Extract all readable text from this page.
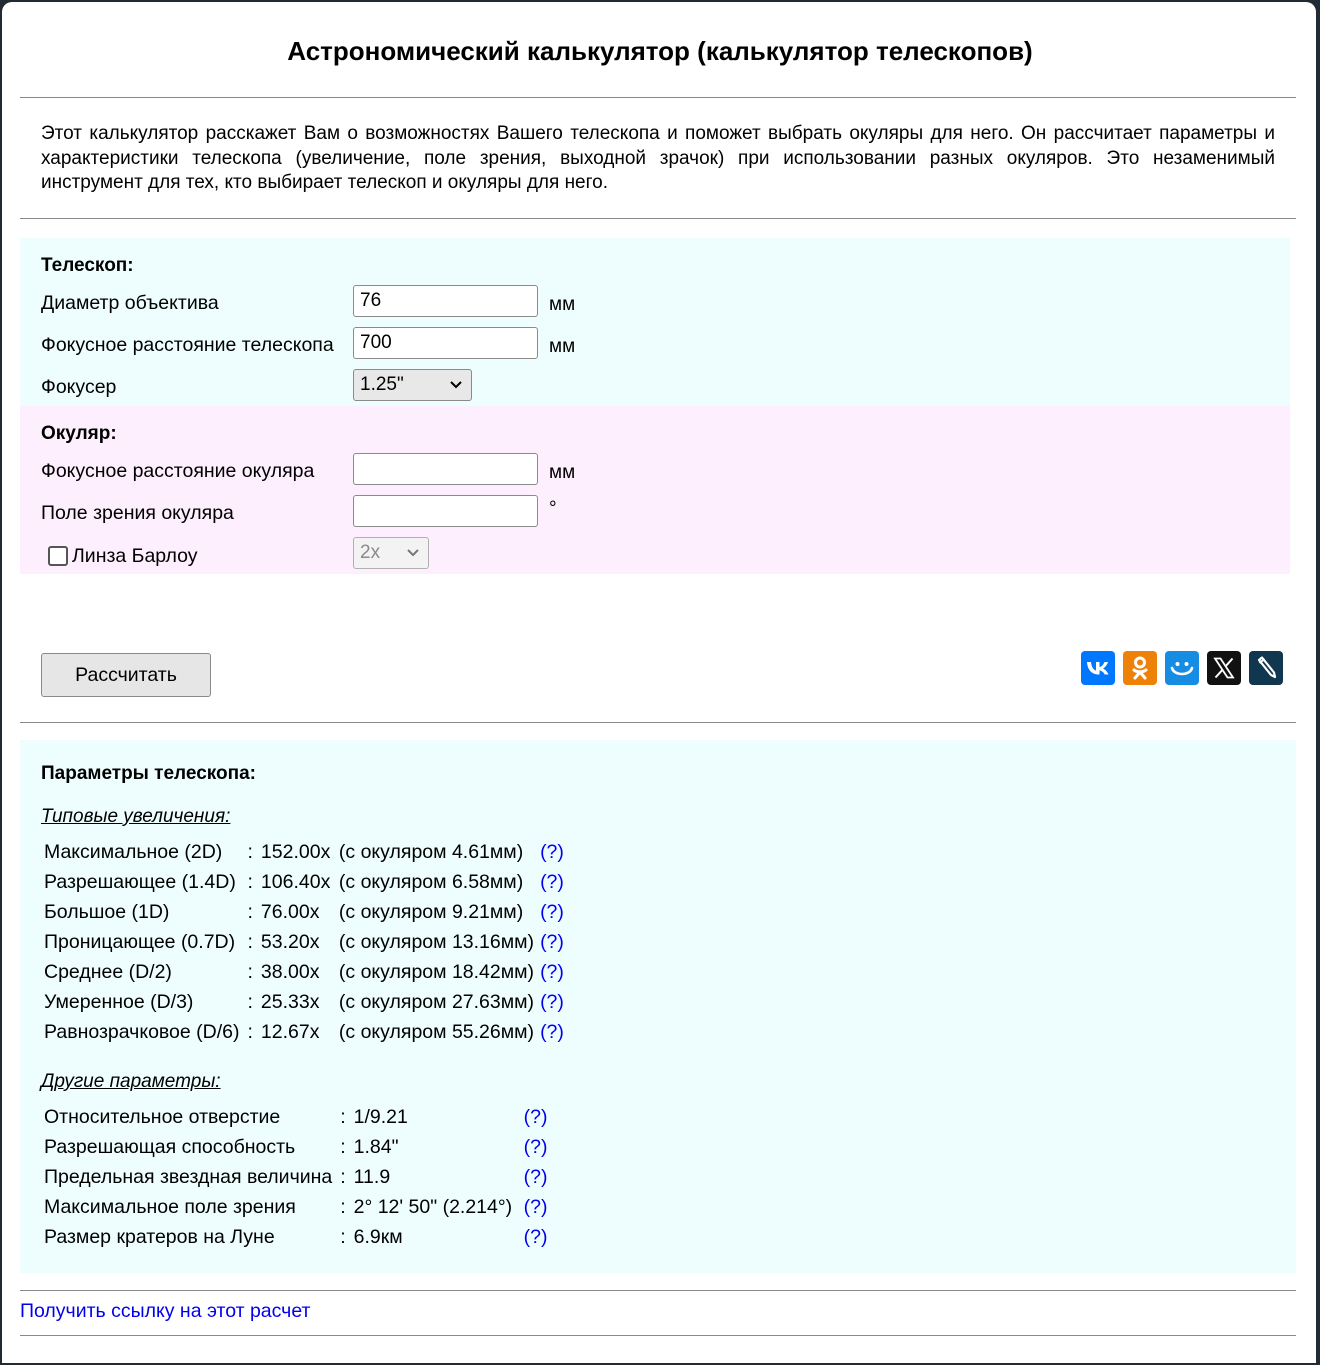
Астрономический калькулятор (калькулятор телескопов)

Этот калькулятор расскажет Вам о возможностях Вашего телескопа и поможет выбрать окуляры для него. Он рассчитает параметры и характеристики телескопа (увеличение, поле зрения, выходной зрачок) при использовании разных окуляров. Это незаменимый инструмент для тех, кто выбирает телескоп и окуляры для него.

Телескоп:
Диаметр объектива
76	мм
Фокусное расстояние телескопа
700	мм
Фокусер	1.25"
Окуляр:
Фокусное расстояние окуляра	мм
Поле зрения окуляра	°
Линза Барлоу	2x
Рассчитать
Параметры телескопа:
Типовые увеличения:
Максимальное (2D)	:	152.00x	(с окуляром 4.61мм)	(?)
Разрешающее (1.4D)	:	106.40x	(с окуляром 6.58мм)	(?)
Большое (1D)	:	76.00x	(с окуляром 9.21мм)	(?)
Проницающее (0.7D)	:	53.20x	(с окуляром 13.16мм)	(?)
Среднее (D/2)	:	38.00x	(с окуляром 18.42мм)	(?)
Умеренное (D/3)	:	25.33x	(с окуляром 27.63мм)	(?)
Равнозрачковое (D/6)	:	12.67x	(с окуляром 55.26мм)	(?)
Другие параметры:
Относительное отверстие	:	1/9.21	(?)
Разрешающая способность	:	1.84"	(?)
Предельная звездная величина	:	11.9	(?)
Максимальное поле зрения	:	2° 12' 50" (2.214°)	(?)
Размер кратеров на Луне	:	6.9км	(?)
Получить ссылку на этот расчет
